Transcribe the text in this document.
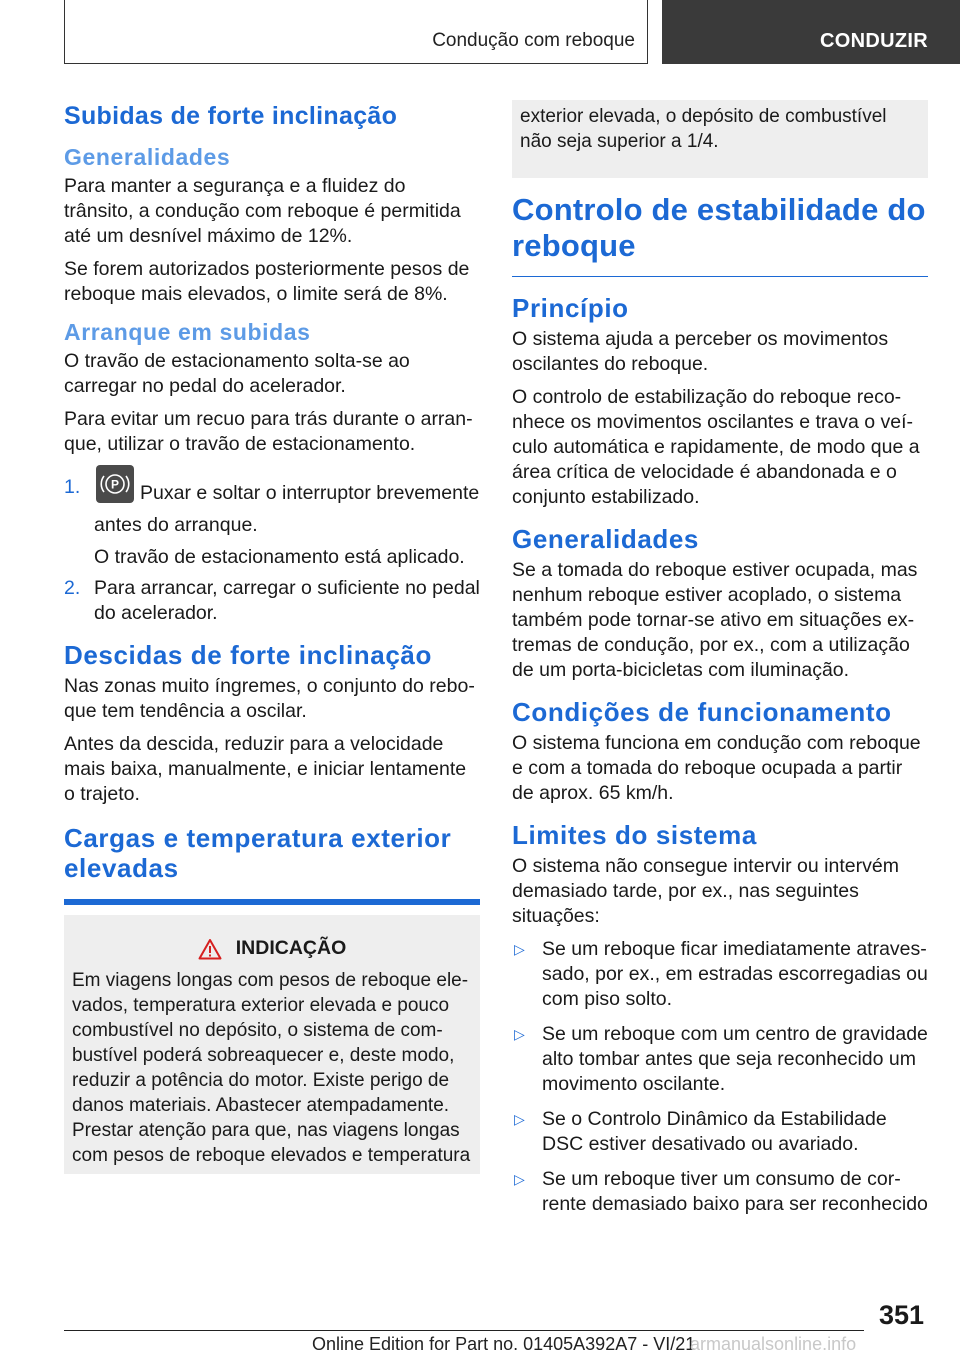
Condução com reboque	CONDUZIR
Subidas de forte inclinação
Generalidades

Para manter a segurança e a fluidez do trânsito, a condução com reboque é permitida até um desnível máximo de 12%.

Se forem autorizados posteriormente pesos de reboque mais elevados, o limite será de 8%.

Arranque em subidas

O travão de estacionamento solta-se ao carregar no pedal do acelerador.

Para evitar um recuo para trás durante o arranque, utilizar o travão de estacionamento.

1.	P Puxar e soltar o interruptor brevemente antes do arranque.
O travão de estacionamento está aplicado.
2. Para arrancar, carregar o suficiente no pedal do acelerador.
Descidas de forte inclinação

Nas zonas muito íngremes, o conjunto do reboque tem tendência a oscilar.

Antes da descida, reduzir para a velocidade mais baixa, manualmente, e iniciar lentamente o trajeto.

Cargas e temperatura exterior elevadas
INDICAÇÃO

Em viagens longas com pesos de reboque elevados, temperatura exterior elevada e pouco combustível no depósito, o sistema de combustível poderá sobreaquecer e, deste modo, reduzir a potência do motor. Existe perigo de danos materiais. Abastecer atempadamente. Prestar atenção para que, nas viagens longas com pesos de reboque elevados e temperatura

exterior elevada, o depósito de combustível não seja superior a 1/4.
Controlo de estabilidade do reboque
Princípio

O sistema ajuda a perceber os movimentos oscilantes do reboque.

O controlo de estabilização do reboque reconhece os movimentos oscilantes e trava o veículo automática e rapidamente, de modo que a área crítica de velocidade é abandonada e o conjunto estabilizado.

Generalidades

Se a tomada do reboque estiver ocupada, mas nenhum reboque estiver acoplado, o sistema também pode tornar-se ativo em situações extremas de condução, por ex., com a utilização de um porta-bicicletas com iluminação.

Condições de funcionamento

O sistema funciona em condução com reboque e com a tomada do reboque ocupada a partir de aprox. 65 km/h.

Limites do sistema

O sistema não consegue intervir ou intervém demasiado tarde, por ex., nas seguintes situações:

▷ Se um reboque ficar imediatamente atravessado, por ex., em estradas escorregadias ou com piso solto.
▷ Se um reboque com um centro de gravidade alto tombar antes que seja reconhecido um movimento oscilante.
▷ Se o Controlo Dinâmico da Estabilidade DSC estiver desativado ou avariado.
▷ Se um reboque tiver um consumo de corrente demasiado baixo para ser reconhecido
351
Online Edition for Part no. 01405A392A7 - VI/21
armanualsonline.info
